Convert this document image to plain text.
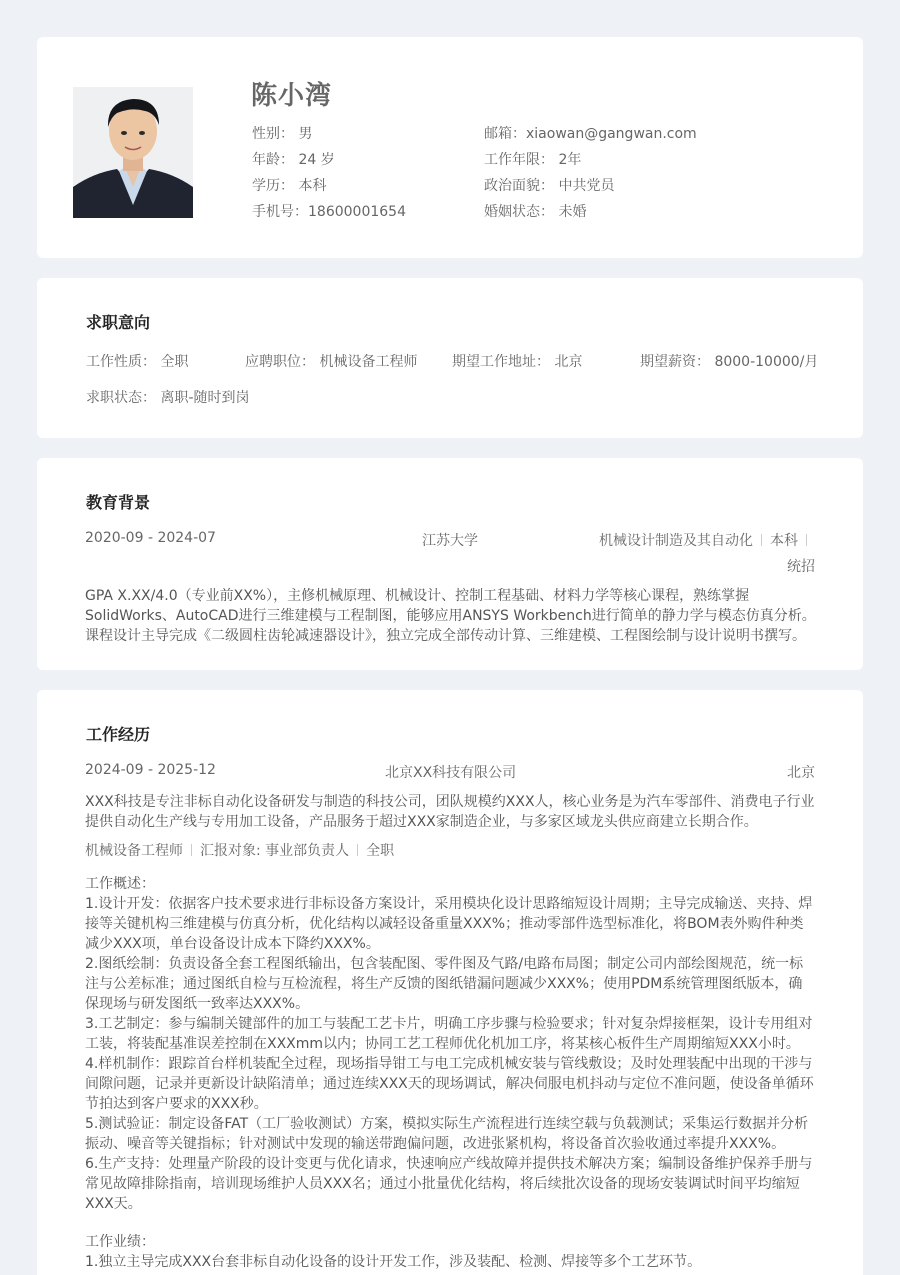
陈小湾
性别： 男
年龄： 24 岁
学历： 本科
手机号：18600001654
邮箱：xiaowan@gangwan.com
工作年限： 2年
政治面貌： 中共党员
婚姻状态： 未婚
求职意向
工作性质： 全职	应聘职位： 机械设备工程师 期望工作地址： 北京	期望薪资： 8000-10000/月
求职状态： 离职-随时到岗
教育背景
2020-09 - 2024-07	江苏大学	机械设计制造及其自动化 本科
统招
GPA X.XX/4.0（专业前XX%），主修机械原理、机械设计、控制工程基础、材料力学等核心课程，熟练掌握
SolidWorks、AutoCAD进行三维建模与工程制图，能够应用ANSYS Workbench进行简单的静力学与模态仿真分析。
课程设计主导完成《二级圆柱齿轮减速器设计》，独立完成全部传动计算、三维建模、工程图绘制与设计说明书撰写。
工作经历
2024-09 - 2025-12	北京XX科技有限公司	北京
XXX科技是专注非标自动化设备研发与制造的科技公司，团队规模约XXX人，核心业务是为汽车零部件、消费电子行业
提供自动化生产线与专用加工设备，产品服务于超过XXX家制造企业，与多家区域龙头供应商建立长期合作。
机械设备工程师 汇报对象: 事业部负责人 全职
工作概述：
1.设计开发：依据客户技术要求进行非标设备方案设计，采用模块化设计思路缩短设计周期；主导完成输送、夹持、焊
接等关键机构三维建模与仿真分析，优化结构以减轻设备重量XXX%；推动零部件选型标准化，将BOM表外购件种类
减少XXX项，单台设备设计成本下降约XXX%。
2.图纸绘制：负责设备全套工程图纸输出，包含装配图、零件图及气路/电路布局图；制定公司内部绘图规范，统一标
注与公差标准；通过图纸自检与互检流程，将生产反馈的图纸错漏问题减少XXX%；使用PDM系统管理图纸版本，确
保现场与研发图纸一致率达XXX%。
3.工艺制定：参与编制关键部件的加工与装配工艺卡片，明确工序步骤与检验要求；针对复杂焊接框架，设计专用组对
工装，将装配基准误差控制在XXXmm以内；协同工艺工程师优化机加工序，将某核心板件生产周期缩短XXX小时。
4.样机制作：跟踪首台样机装配全过程，现场指导钳工与电工完成机械安装与管线敷设；及时处理装配中出现的干涉与
间隙问题，记录并更新设计缺陷清单；通过连续XXX天的现场调试，解决伺服电机抖动与定位不准问题，使设备单循环
节拍达到客户要求的XXX秒。
5.测试验证：制定设备FAT（工厂验收测试）方案，模拟实际生产流程进行连续空载与负载测试；采集运行数据并分析
振动、噪音等关键指标；针对测试中发现的输送带跑偏问题，改进张紧机构，将设备首次验收通过率提升XXX%。
6.生产支持：处理量产阶段的设计变更与优化请求，快速响应产线故障并提供技术解决方案；编制设备维护保养手册与
常见故障排除指南，培训现场维护人员XXX名；通过小批量优化结构，将后续批次设备的现场安装调试时间平均缩短
XXX天。
工作业绩：
1.独立主导完成XXX台套非标自动化设备的设计开发工作，涉及装配、检测、焊接等多个工艺环节。
